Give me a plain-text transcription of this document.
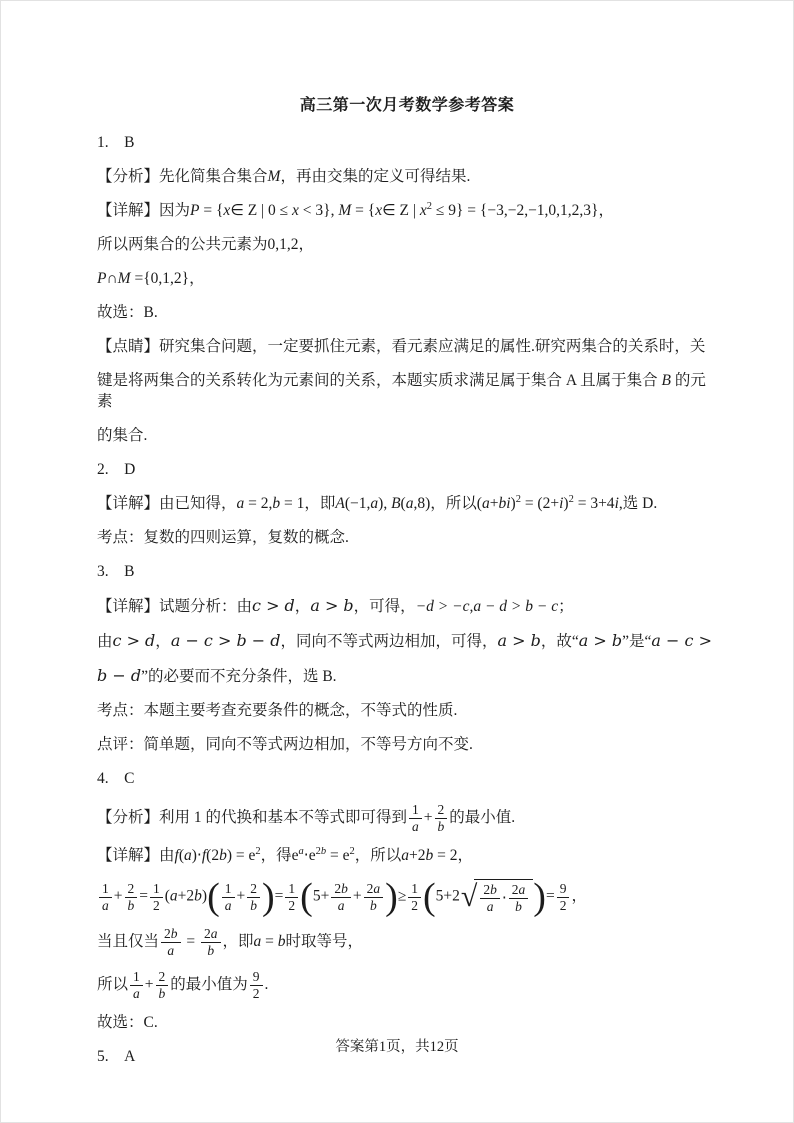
高三第一次月考数学参考答案
1. B
【分析】先化简集合集合M，再由交集的定义可得结果.
【详解】因为P = {x∈ Z | 0 ≤ x < 3}, M = {x∈ Z | x2 ≤ 9} = {−3,−2,−1,0,1,2,3}，
所以两集合的公共元素为0,1,2，
P∩M ={0,1,2}，
故选：B.
【点睛】研究集合问题，一定要抓住元素，看元素应满足的属性.研究两集合的关系时，关
键是将两集合的关系转化为元素间的关系，本题实质求满足属于集合 A 且属于集合 B 的元素
的集合.
2. D
【详解】由已知得，a = 2,b = 1，即A(−1,a), B(a,8)，所以(a+bi)2 = (2+i)2 = 3+4i,选 D.
考点：复数的四则运算，复数的概念.
3. B
【详解】试题分析：由c > d，a > b，可得，−d > −c,a − d > b − c；
由c > d，a − c > b − d，同向不等式两边相加，可得，a > b，故“a > b”是“a − c >
b − d”的必要而不充分条件，选 B.
考点：本题主要考查充要条件的概念，不等式的性质.
点评：简单题，同向不等式两边相加，不等号方向不变.
4. C
【分析】利用 1 的代换和基本不等式即可得到 $\frac{1}{a} + \frac{2}{b}$ 的最小值.
【详解】由f(a)⋅f(2b) = e2，得ea⋅e2b = e2，所以a+2b = 2，
$\frac{1}{a} + \frac{2}{b} = \frac{1}{2} (a+2b)( \frac{1}{a} + \frac{2}{b}$ )= $\frac{1}{2} (5+ \frac{2b}{a} + \frac{2a}{b}$ )≥ $\frac{1}{2} (5+2$ √ 2b
a ⋅
2a
b )= $\frac{9}{2}$ ，
当且仅当 $\frac{2b}{a} = \frac{2a}{b}$ ，即a = b时取等号，
所以 $\frac{1}{a} + \frac{2}{b}$ 的最小值为 $\frac{9}{2}$ .
故选：C.
5. A
答案第1页，共12页
